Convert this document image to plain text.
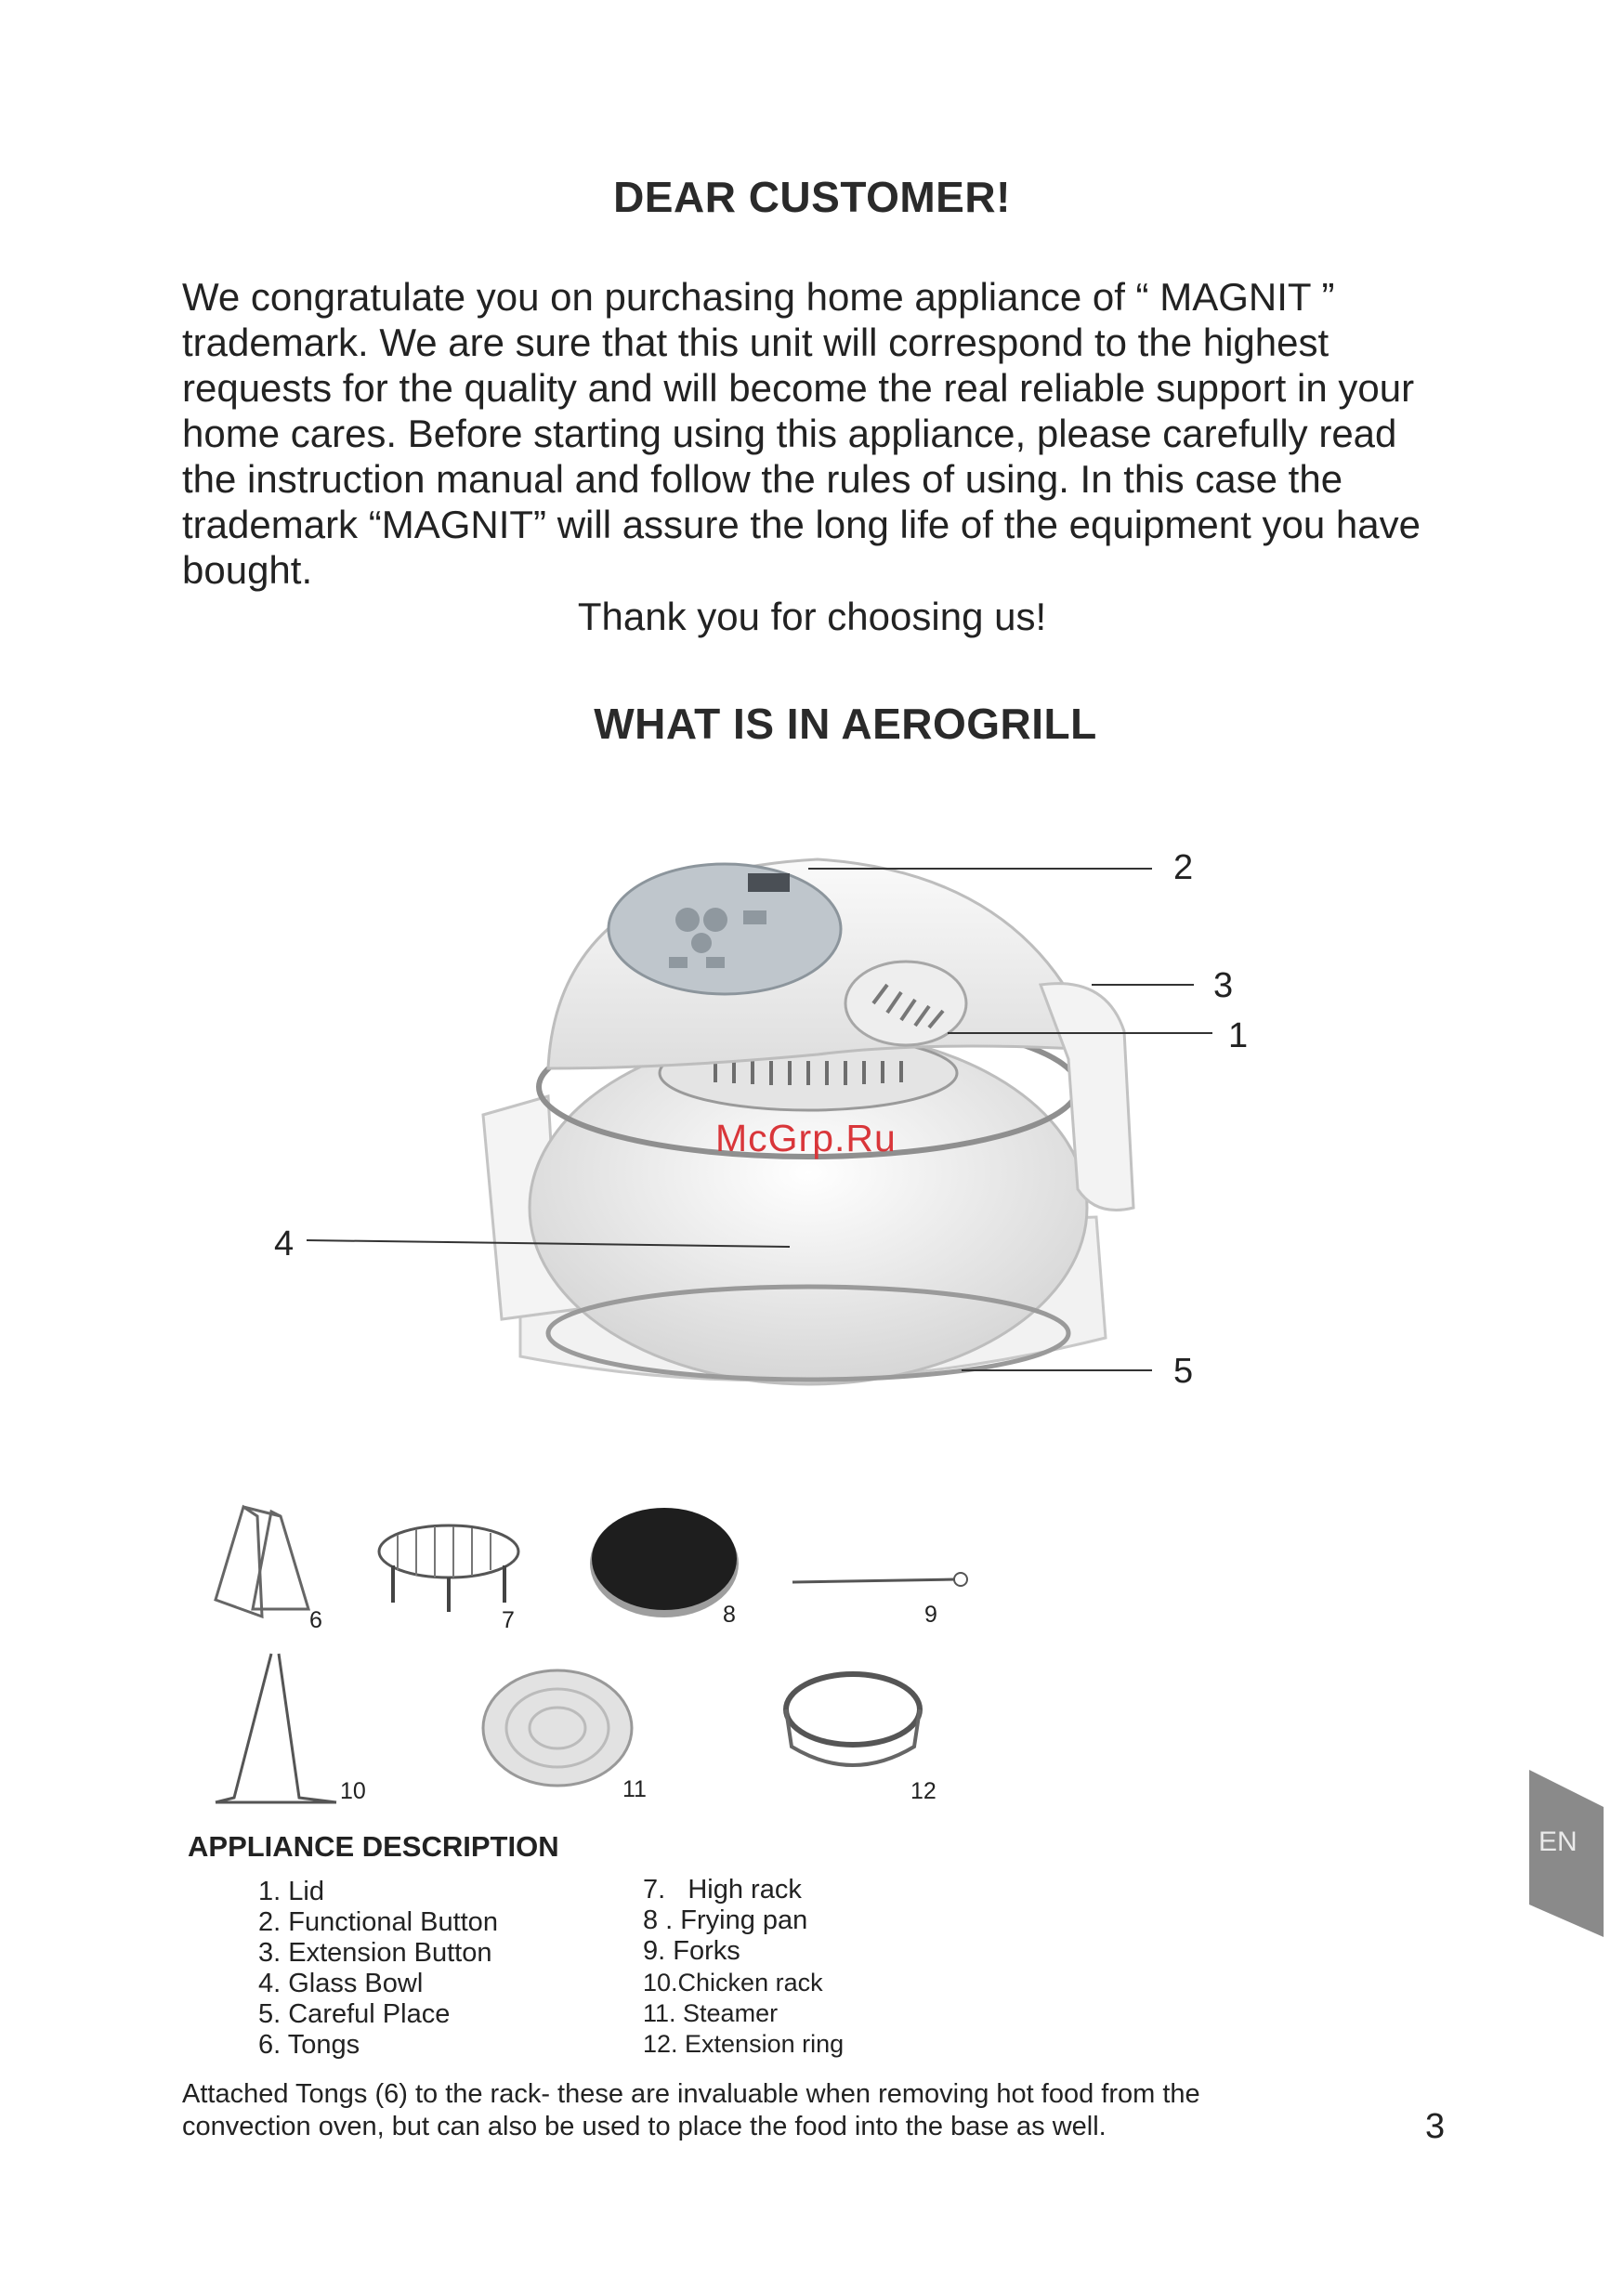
DEAR CUSTOMER!
We congratulate you on purchasing home appliance of “ MAGNIT ”
trademark. We are sure that this unit will correspond to the highest
requests for the quality and will become the real reliable support in your
home cares. Before starting using this appliance, please carefully read
the instruction manual and follow the rules of using. In this case the
trademark “MAGNIT” will assure the long life of the equipment you have
bought.
Thank you for choosing us!
WHAT IS IN AEROGRILL
McGrp.Ru
2
3
1
4
5
6	7	8	9
10	11	12
APPLIANCE DESCRIPTION
1. Lid
2. Functional Button
3. Extension Button
4. Glass Bowl
5. Careful Place
6. Tongs
7.   High rack
8 . Frying pan
9. Forks
10.Chicken rack
11. Steamer
12. Extension ring
Attached Tongs (6) to the rack- these are invaluable when removing hot food from the
convection oven, but can also be used to place the food into the base as well.	3
EN
